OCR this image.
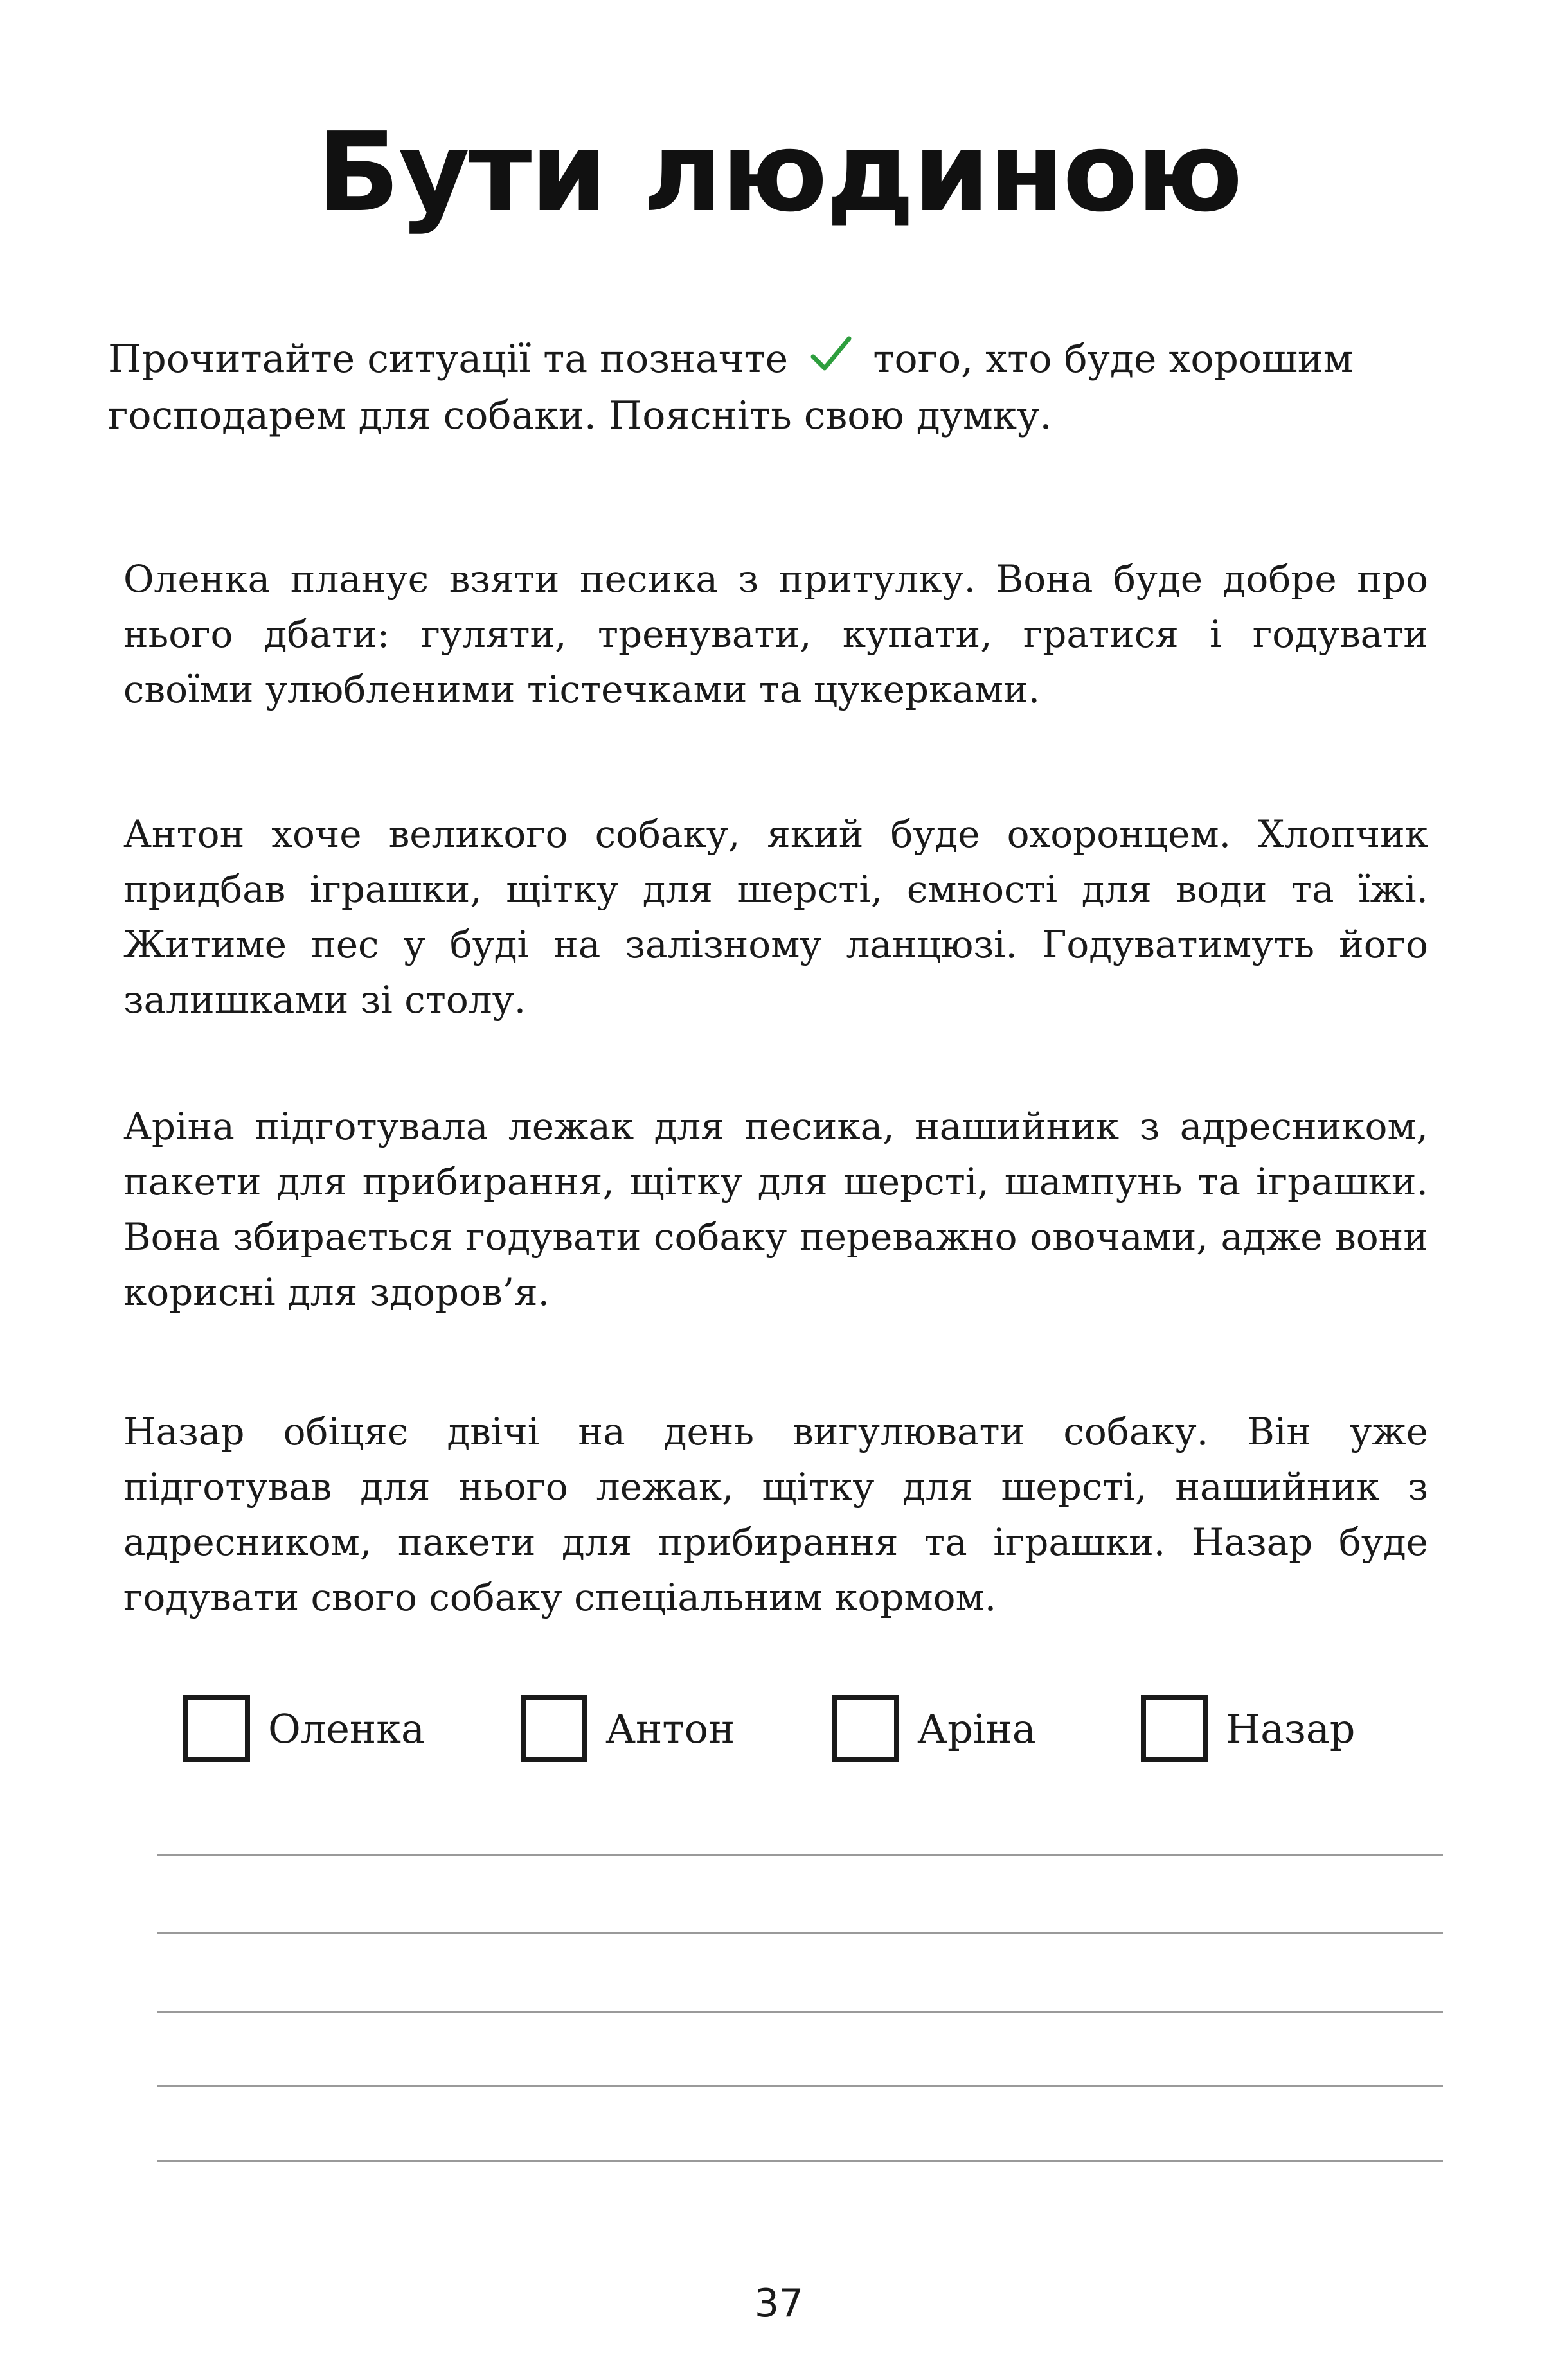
Бути людиною
Прочитайте ситуації та позначте  того, хто буде хорошим господарем для собаки. Поясніть свою думку.
Оленка планує взяти песика з притулку. Вона буде добре про нього дбати: гуляти, тренувати, купати, гратися і годувати своїми улюбленими тістечками та цукерками.
Антон хоче великого собаку, який буде охоронцем. Хлопчик придбав іграшки, щітку для шерсті, ємності для води та їжі. Житиме пес у буді на залізному ланцюзі. Годуватимуть його залишками зі столу.
Аріна підготувала лежак для песика, нашийник з адресником, пакети для прибирання, щітку для шерсті, шампунь та іграшки. Вона збирається годувати собаку переважно овочами, адже вони корисні для здоров’я.
Назар обіцяє двічі на день вигулювати собаку. Він уже підготував для нього лежак, щітку для шерсті, нашийник з адресником, пакети для прибирання та іграшки. Назар буде годувати свого собаку спеціальним кормом.
Оленка	Антон	Аріна	Назар
37
